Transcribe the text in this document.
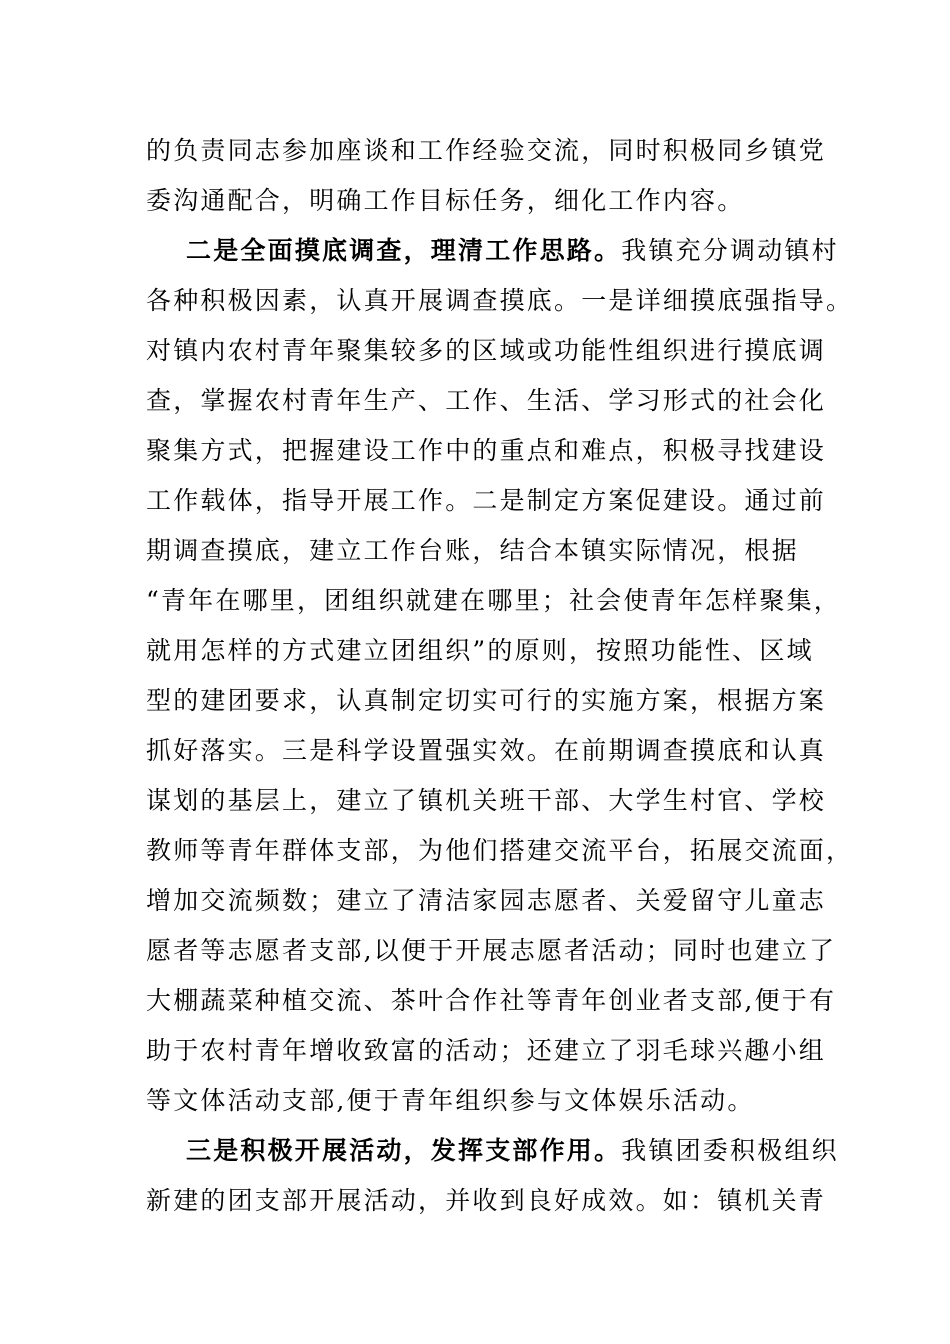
的负责同志参加座谈和工作经验交流，同时积极同乡镇党
委沟通配合，明确工作目标任务，细化工作内容。
二是全面摸底调查，理清工作思路。我镇充分调动镇村
各种积极因素，认真开展调查摸底。一是详细摸底强指导。
对镇内农村青年聚集较多的区域或功能性组织进行摸底调
查，掌握农村青年生产、工作、生活、学习形式的社会化
聚集方式，把握建设工作中的重点和难点，积极寻找建设
工作载体，指导开展工作。二是制定方案促建设。通过前
期调查摸底，建立工作台账，结合本镇实际情况，根据
“青年在哪里，团组织就建在哪里；社会使青年怎样聚集，
就用怎样的方式建立团组织”的原则，按照功能性、区域
型的建团要求，认真制定切实可行的实施方案，根据方案
抓好落实。三是科学设置强实效。在前期调查摸底和认真
谋划的基层上，建立了镇机关班干部、大学生村官、学校
教师等青年群体支部，为他们搭建交流平台，拓展交流面，
增加交流频数；建立了清洁家园志愿者、关爱留守儿童志
愿者等志愿者支部,以便于开展志愿者活动；同时也建立了
大棚蔬菜种植交流、茶叶合作社等青年创业者支部,便于有
助于农村青年增收致富的活动；还建立了羽毛球兴趣小组
等文体活动支部,便于青年组织参与文体娱乐活动。
三是积极开展活动，发挥支部作用。我镇团委积极组织
新建的团支部开展活动，并收到良好成效。如：镇机关青
